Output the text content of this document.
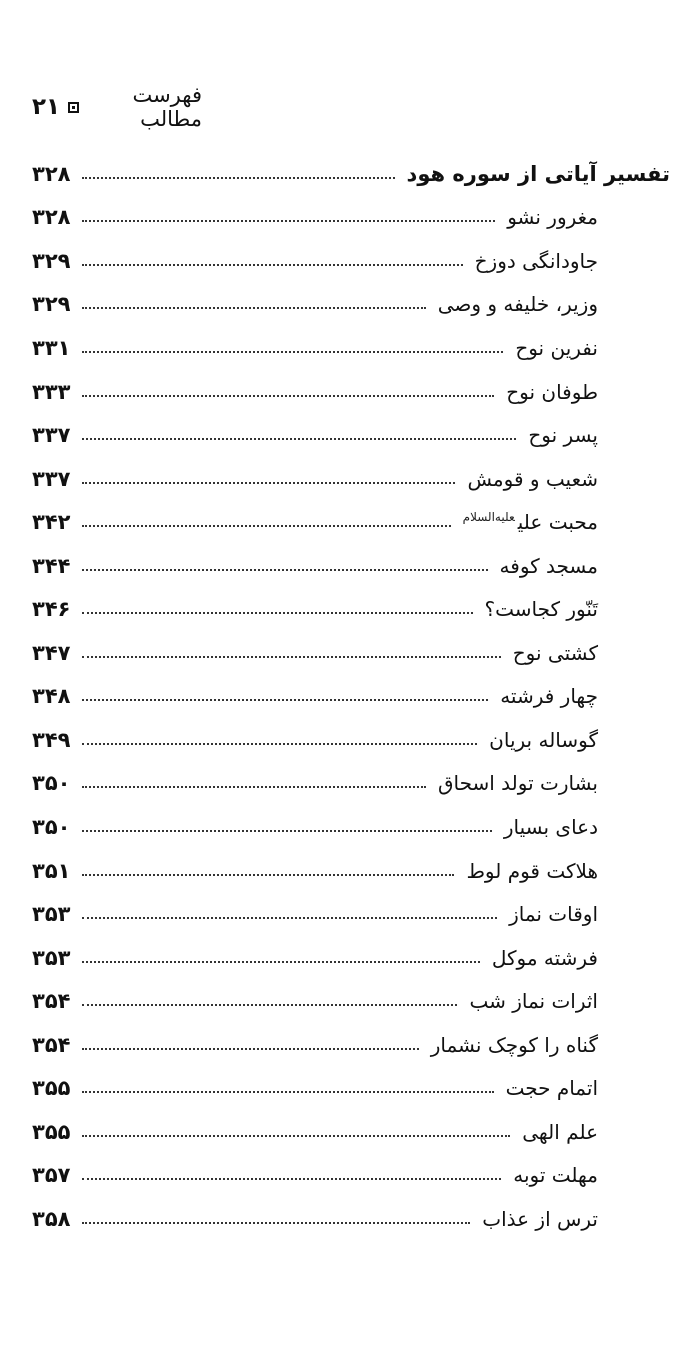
فهرست مطالب
۲۱
تفسیر آیاتی از سوره هود
۳۲۸
مغرور نشو
۳۲۸
جاودانگی دوزخ
۳۲۹
وزیر، خلیفه و وصی
۳۲۹
نفرین نوح
۳۳۱
طوفان نوح
۳۳۳
پسر نوح
۳۳۷
شعیب و قومش
۳۳۷
محبت علی$^{علیه‌السلام}$
۳۴۲
مسجد کوفه
۳۴۴
تَنّور کجاست؟
۳۴۶
کشتی نوح
۳۴۷
چهار فرشته
۳۴۸
گوساله بریان
۳۴۹
بشارت تولد اسحاق
۳۵۰
دعای بسیار
۳۵۰
هلاکت قوم لوط
۳۵۱
اوقات نماز
۳۵۳
فرشته موکل
۳۵۳
اثرات نماز شب
۳۵۴
گناه را کوچک نشمار
۳۵۴
اتمام حجت
۳۵۵
علم الهی
۳۵۵
مهلت توبه
۳۵۷
ترس از عذاب
۳۵۸
